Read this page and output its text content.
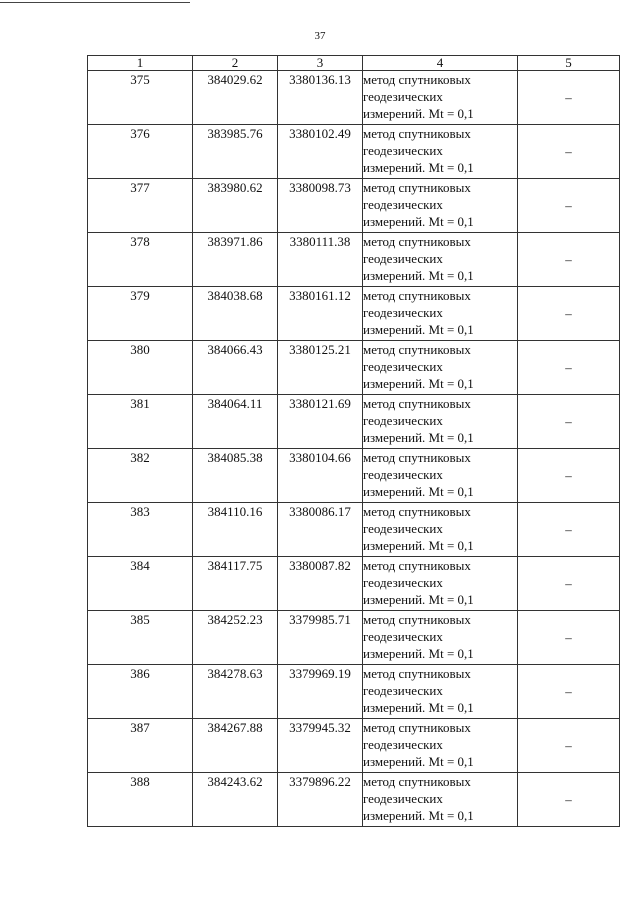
37
1	2	3	4	5
375	384029.62	3380136.13	метод спутниковых
геодезических
измерений. Mt = 0,1	–
376	383985.76	3380102.49	метод спутниковых
геодезических
измерений. Mt = 0,1	–
377	383980.62	3380098.73	метод спутниковых
геодезических
измерений. Mt = 0,1	–
378	383971.86	3380111.38	метод спутниковых
геодезических
измерений. Mt = 0,1	–
379	384038.68	3380161.12	метод спутниковых
геодезических
измерений. Mt = 0,1	–
380	384066.43	3380125.21	метод спутниковых
геодезических
измерений. Mt = 0,1	–
381	384064.11	3380121.69	метод спутниковых
геодезических
измерений. Mt = 0,1	–
382	384085.38	3380104.66	метод спутниковых
геодезических
измерений. Mt = 0,1	–
383	384110.16	3380086.17	метод спутниковых
геодезических
измерений. Mt = 0,1	–
384	384117.75	3380087.82	метод спутниковых
геодезических
измерений. Mt = 0,1	–
385	384252.23	3379985.71	метод спутниковых
геодезических
измерений. Mt = 0,1	–
386	384278.63	3379969.19	метод спутниковых
геодезических
измерений. Mt = 0,1	–
387	384267.88	3379945.32	метод спутниковых
геодезических
измерений. Mt = 0,1	–
388	384243.62	3379896.22	метод спутниковых
геодезических
измерений. Mt = 0,1	–
